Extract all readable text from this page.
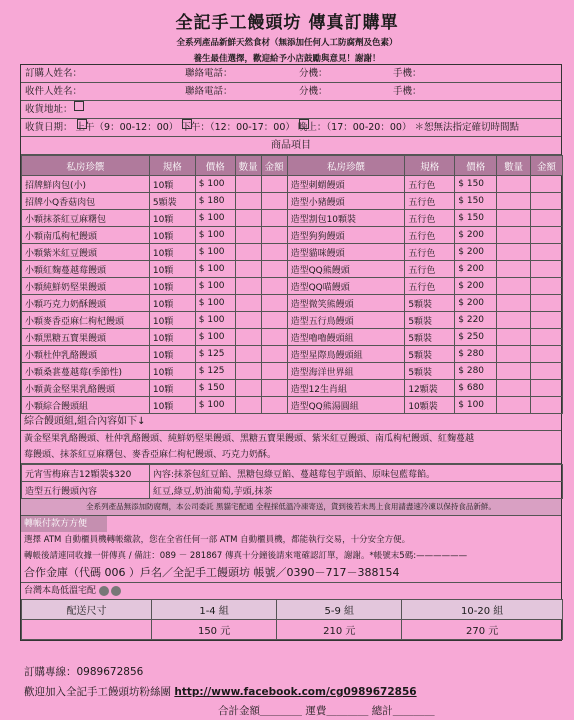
全記手工饅頭坊 傳真訂購單
全系列產品新鮮天然食材（無添加任何人工防腐劑及色素）
養生最佳選擇，歡迎給予小店鼓勵與意見！謝謝！
訂購人姓名：	聯絡電話：	分機：	手機：
收件人姓名：	聯絡電話：	分機：	手機：
收貨地址：
收貨日期： 上午（9：00-12：00） 下午：（12：00-17：00） 晚上：（17：00-20：00） ＊恕無法指定確切時間點
商品項目
私房珍饌	規格	價格	數量	金額	私房珍饌	規格	價格	數量	金額
招牌鮮肉包(小)	10顆	$ 100			造型刺蝟饅頭	五行色	$ 150		
招牌小Q香菇肉包	5顆裝	$ 180			造型小豬饅頭	五行色	$ 150		
小顆抹茶紅豆麻糬包	10顆	$ 100			造型割包10顆裝	五行色	$ 150		
小顆南瓜枸杞饅頭	10顆	$ 100			造型狗狗饅頭	五行色	$ 200		
小顆紫米紅豆饅頭	10顆	$ 100			造型貓咪饅頭	五行色	$ 200		
小顆紅麴蔓越莓饅頭	10顆	$ 100			造型QQ熊饅頭	五行色	$ 200		
小顆純鮮奶堅果饅頭	10顆	$ 100			造型QQ喵饅頭	五行色	$ 200		
小顆巧克力奶酥饅頭	10顆	$ 100			造型微笑熊饅頭	5顆裝	$ 200		
小顆麥香亞麻仁枸杞饅頭	10顆	$ 100			造型五行鳥饅頭	5顆裝	$ 220		
小顆黑糖五寶果饅頭	10顆	$ 100			造型嚕嚕饅頭組	5顆裝	$ 250		
小顆杜仲乳酪饅頭	10顆	$ 125			造型星際鳥饅頭組	5顆裝	$ 280		
小顆桑葚蔓越莓(季節性)	10顆	$ 125			造型海洋世界組	5顆裝	$ 280		
小顆黃金堅果乳酪饅頭	10顆	$ 150			造型12生肖組	12顆裝	$ 680		
小顆綜合饅頭組	10顆	$ 100			造型QQ熊湯圓組	10顆裝	$ 100		
綜合饅頭組,組合內容如下↓
黃金堅果乳酪饅頭、杜仲乳酪饅頭、純鮮奶堅果饅頭、黑糖五寶果饅頭、紫米紅豆饅頭、南瓜枸杞饅頭、紅麴蔓越
莓饅頭、抹茶紅豆麻糬包、麥香亞麻仁枸杞饅頭、巧克力奶酥。
元宵雪梅麻吉12顆裝$320	內容:抹茶包紅豆餡、黑糖包綠豆餡、蔓越莓包芋頭餡、原味包藍莓餡。
造型五行饅頭內容	紅豆,綠豆,奶油葡萄,芋頭,抹茶
全系列產品無添加防腐劑，本公司委託 黑貓宅配通 全程採低溫冷凍寄送，貨到後若未馬上食用請盡速冷凍以保持食品新鮮。
轉帳付款方方便
選擇 ATM 自動櫃員機轉帳繳款，您在全省任何一部 ATM 自動櫃員機，都能執行交易，十分安全方便。
轉帳後請連同收據一併傳真 / 備註：089 － 281867 傳真十分鐘後請來電確認訂單，謝謝。*帳號末5碼:——————
合作金庫（代碼 006 ）戶名／全記手工饅頭坊 帳號／0390－717－388154
台灣本島低溫宅配
配送尺寸	1-4 組	5-9 組	10-20 組
	150 元	210 元	270 元
訂購專線：0989672856
歡迎加入全記手工饅頭坊粉絲團 http://www.facebook.com/cg0989672856
合計金額＿＿＿＿ 運費＿＿＿＿ 總計＿＿＿＿
